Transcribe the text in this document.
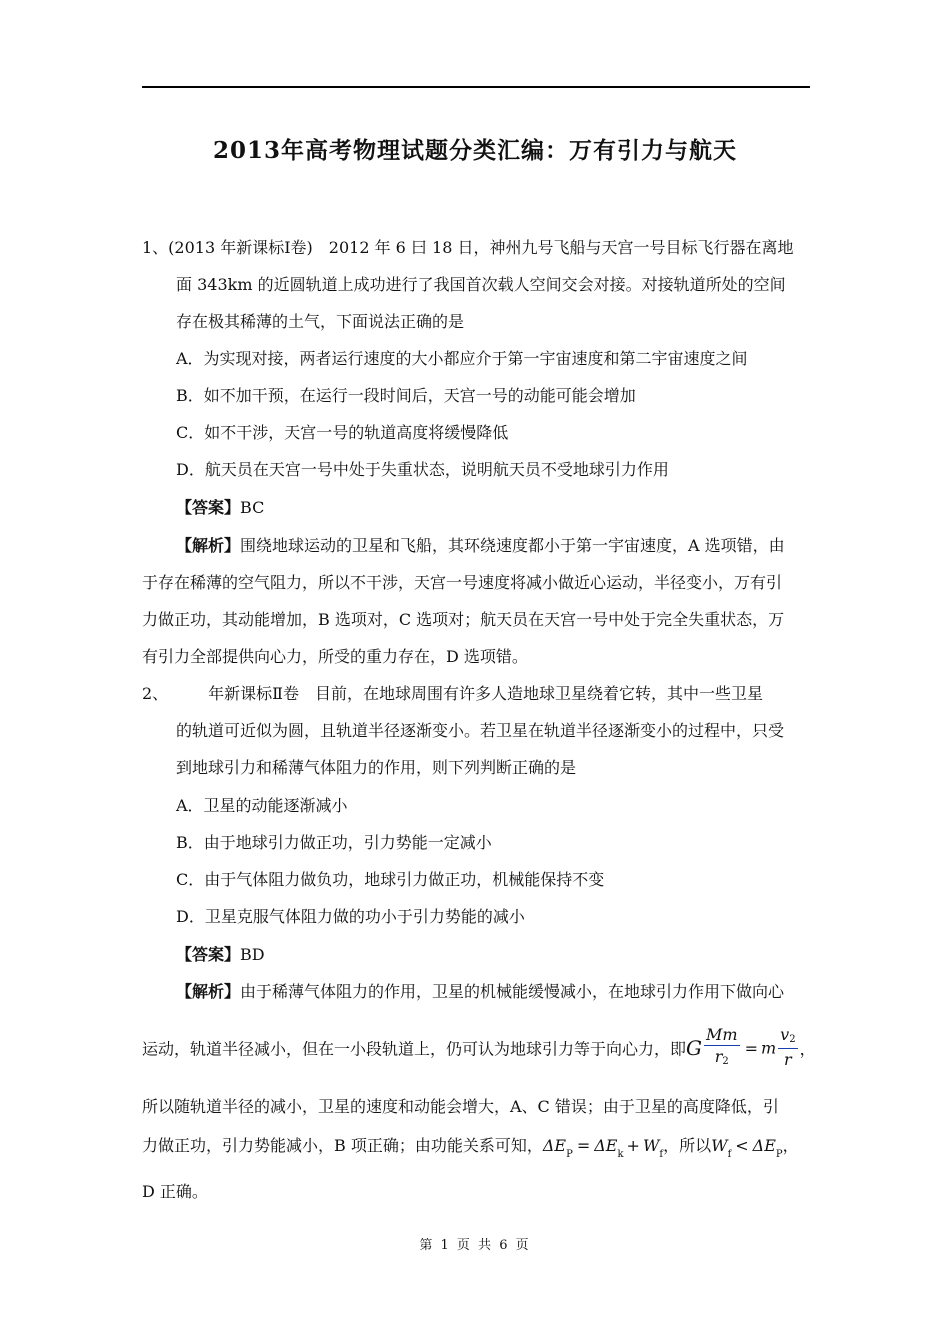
2013年高考物理试题分类汇编：万有引力与航天
1、(2013 年新课标Ⅰ卷)　2012 年 6 曰 18 日，神州九号飞船与天宫一号目标飞行器在离地
面 343km 的近圆轨道上成功进行了我国首次载人空间交会对接。对接轨道所处的空间
存在极其稀薄的土气，下面说法正确的是
A．为实现对接，两者运行速度的大小都应介于第一宇宙速度和第二宇宙速度之间
B．如不加干预，在运行一段时间后，天宫一号的动能可能会增加
C．如不干涉，天宫一号的轨道高度将缓慢降低
D．航天员在天宫一号中处于失重状态，说明航天员不受地球引力作用
【答案】BC
【解析】围绕地球运动的卫星和飞船，其环绕速度都小于第一宇宙速度，A 选项错，由
于存在稀薄的空气阻力，所以不干涉，天宫一号速度将减小做近心运动，半径变小，万有引
力做正功，其动能增加，B 选项对，C 选项对；航天员在天宫一号中处于完全失重状态，万
有引力全部提供向心力，所受的重力存在，D 选项错。
2、　　　年新课标Ⅱ卷　目前，在地球周围有许多人造地球卫星绕着它转，其中一些卫星
的轨道可近似为圆，且轨道半径逐渐变小。若卫星在轨道半径逐渐变小的过程中，只受
到地球引力和稀薄气体阻力的作用，则下列判断正确的是
A．卫星的动能逐渐减小
B．由于地球引力做正功，引力势能一定减小
C．由于气体阻力做负功，地球引力做正功，机械能保持不变
D．卫星克服气体阻力做的功小于引力势能的减小
【答案】BD
【解析】由于稀薄气体阻力的作用，卫星的机械能缓慢减小，在地球引力作用下做向心
运动，轨道半径减小，但在一小段轨道上，仍可认为地球引力等于向心力，即G $\frac{Mm}{r2} = m \frac{v2}{r}$ ，
所以随轨道半径的减小，卫星的速度和动能会增大，A、C 错误；由于卫星的高度降低，引
力做正功，引力势能减小，B 项正确；由功能关系可知，$\Delta E_P = \Delta E_k + W_f$，所以$W_f < \Delta E_P$，
D 正确。
第 1 页 共 6 页
